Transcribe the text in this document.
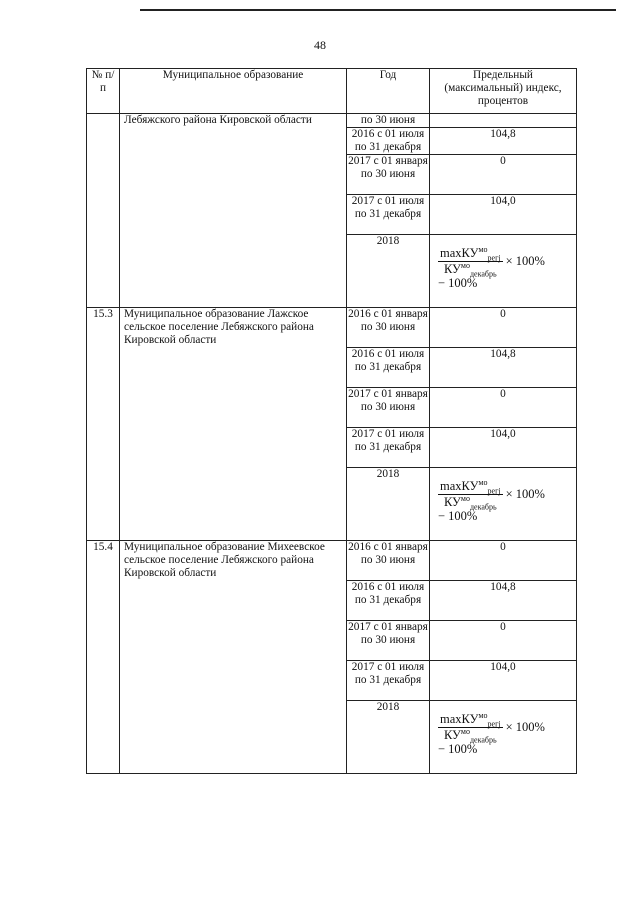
48
№ п/п	Муниципальное образование	Год	Предельный (максимальный) индекс, процентов
	Лебяжского района Кировской области	по 30 июня	
		2016 с 01 июля по 31 декабря	104,8
		2017 с 01 января по 30 июня	0
		2017 с 01 июля по 31 декабря	104,0
		2018	$\frac{\max КУ^{мо}_{регj}}{КУ^{мо}_{декабрь}} \times 100\%$
− 100%

15.3	Муниципальное образование Лажское сельское поселение Лебяжского района Кировской области	2016 с 01 января по 30 июня	0
		2016 с 01 июля по 31 декабря	104,8
		2017 с 01 января по 30 июня	0
		2017 с 01 июля по 31 декабря	104,0
		2018	$\frac{\max КУ^{мо}_{регj}}{КУ^{мо}_{декабрь}} \times 100\%$
− 100%

15.4	Муниципальное образование Михеевское сельское поселение Лебяжского района Кировской области	2016 с 01 января по 30 июня	0
		2016 с 01 июля по 31 декабря	104,8
		2017 с 01 января по 30 июня	0
		2017 с 01 июля по 31 декабря	104,0
		2018	$\frac{\max КУ^{мо}_{регj}}{КУ^{мо}_{декабрь}} \times 100\%$
− 100%
